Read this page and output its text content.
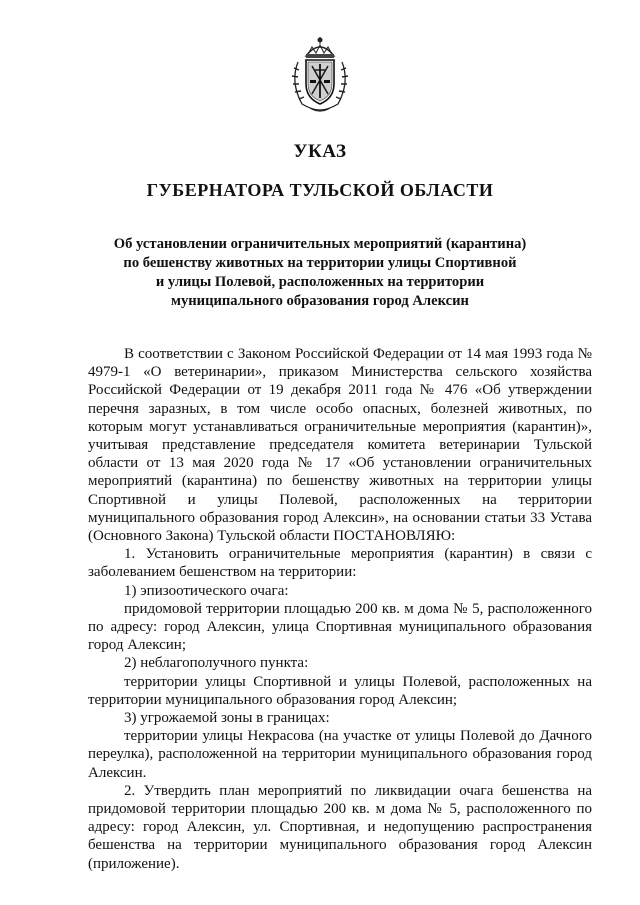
УКАЗ
ГУБЕРНАТОРА ТУЛЬСКОЙ ОБЛАСТИ
Об установлении ограничительных мероприятий (карантина)
по бешенству животных на территории улицы Спортивной
и улицы Полевой, расположенных на территории
муниципального образования город Алексин

В соответствии с Законом Российской Федерации от 14 мая 1993 года № 4979-1 «О ветеринарии», приказом Министерства сельского хозяйства Российской Федерации от 19 декабря 2011 года № 476 «Об утверждении перечня заразных, в том числе особо опасных, болезней животных, по которым могут устанавливаться ограничительные мероприятия (карантин)», учитывая представление председателя комитета ветеринарии Тульской области от 13 мая 2020 года № 17 «Об установлении ограничительных мероприятий (карантина) по бешенству животных на территории улицы Спортивной и улицы Полевой, расположенных на территории муниципального образования город Алексин», на основании статьи 33 Устава (Основного Закона) Тульской области ПОСТАНОВЛЯЮ:

1. Установить ограничительные мероприятия (карантин) в связи с заболеванием бешенством на территории:

1) эпизоотического очага:

придомовой территории площадью 200 кв. м дома № 5, расположенного по адресу: город Алексин, улица Спортивная муниципального образования город Алексин;

2) неблагополучного пункта:

территории улицы Спортивной и улицы Полевой, расположенных на территории муниципального образования город Алексин;

3) угрожаемой зоны в границах:

территории улицы Некрасова (на участке от улицы Полевой до Дачного переулка), расположенной на территории муниципального образования город Алексин.

2. Утвердить план мероприятий по ликвидации очага бешенства на придомовой территории площадью 200 кв. м дома № 5, расположенного по адресу: город Алексин, ул. Спортивная, и недопущению распространения бешенства на территории муниципального образования город Алексин (приложение).
